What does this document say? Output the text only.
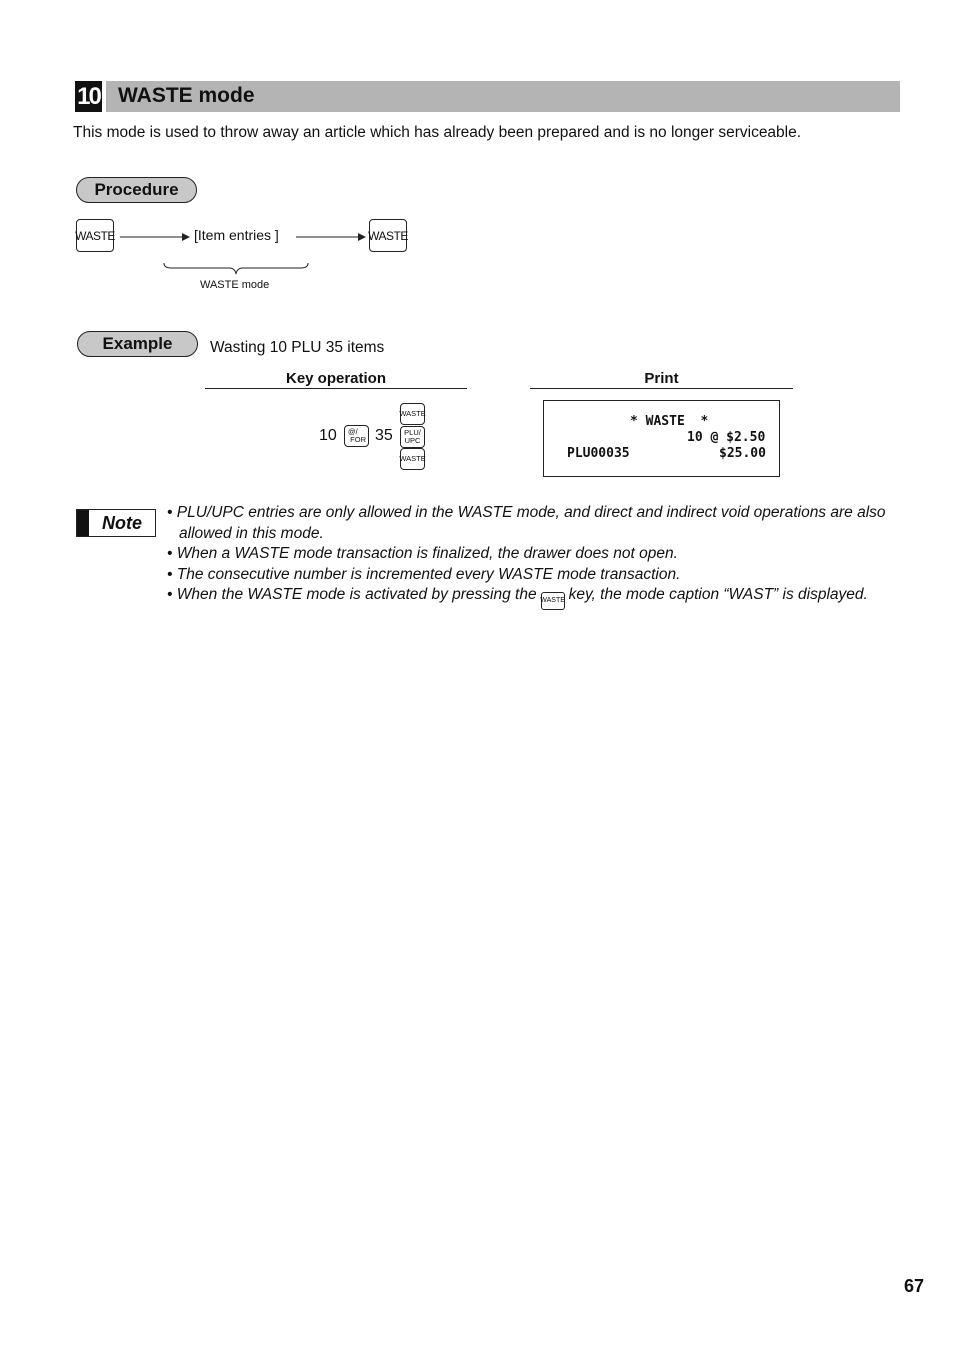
10 WASTE mode
This mode is used to throw away an article which has already been prepared and is no longer serviceable.
Procedure
WASTE	[Item entries ]	WASTE
WASTE mode
Example	Wasting 10 PLU 35 items
Key operation	Print
10	@/
FOR 35
WASTE
PLU/
UPC
WASTE
* WASTE  *
10 @ $2.50
PLU00035	$25.00
Note	• PLU/UPC entries are only allowed in the WASTE mode, and direct and indirect void operations are also allowed in this mode.
• When a WASTE mode transaction is finalized, the drawer does not open.
• The consecutive number is incremented every WASTE mode transaction.
• When the WASTE mode is activated by pressing the WASTE key, the mode caption “WAST” is displayed.
67
